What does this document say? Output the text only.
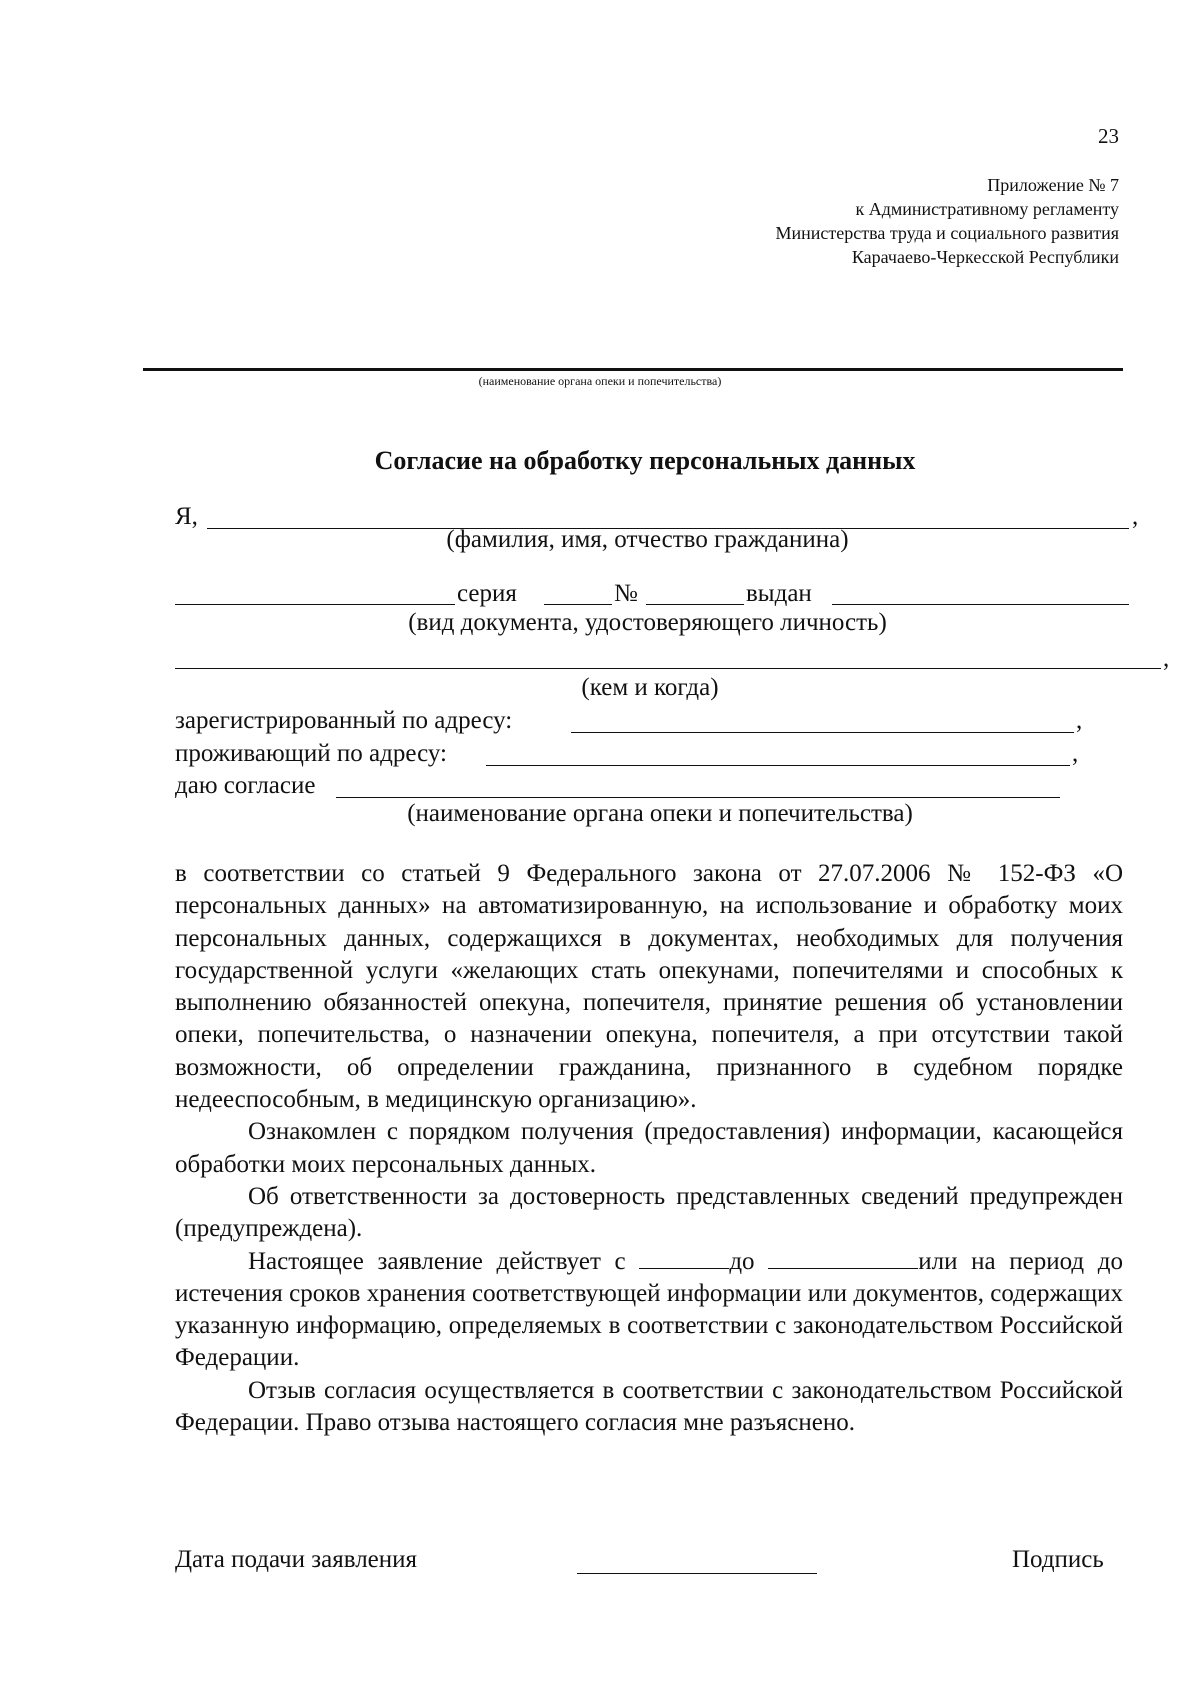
23
Приложение № 7
к Административному регламенту
Министерства труда и социального развития
Карачаево-Черкесской Республики
(наименование органа опеки и попечительства)
Согласие на обработку персональных данных
Я,	,
(фамилия, имя, отчество гражданина)
серия	№	выдан
(вид документа, удостоверяющего личность)
,
(кем и когда)
зарегистрированный по адресу:	,
проживающий по адресу:	,
даю согласие
(наименование органа опеки и попечительства)

в соответствии со статьей 9 Федерального закона от 27.07.2006 № 152-ФЗ «О персональных данных» на автоматизированную, на использование и обработку моих персональных данных, содержащихся в документах, необходимых для получения государственной услуги «желающих стать опекунами, попечителями и способных к выполнению обязанностей опекуна, попечителя, принятие решения об установлении опеки, попечительства, о назначении опекуна, попечителя, а при отсутствии такой возможности, об определении гражданина, признанного в судебном порядке недееспособным, в медицинскую организацию».

Ознакомлен с порядком получения (предоставления) информации, касающейся обработки моих персональных данных.

Об ответственности за достоверность представленных сведений предупрежден (предупреждена).

Настоящее заявление действует с	до	или на период до истечения сроков хранения соответствующей информации или документов, содержащих указанную информацию, определяемых в соответствии с законодательством Российской Федерации.

Отзыв согласия осуществляется в соответствии с законодательством Российской Федерации. Право отзыва настоящего согласия мне разъяснено.

Дата подачи заявления	Подпись
